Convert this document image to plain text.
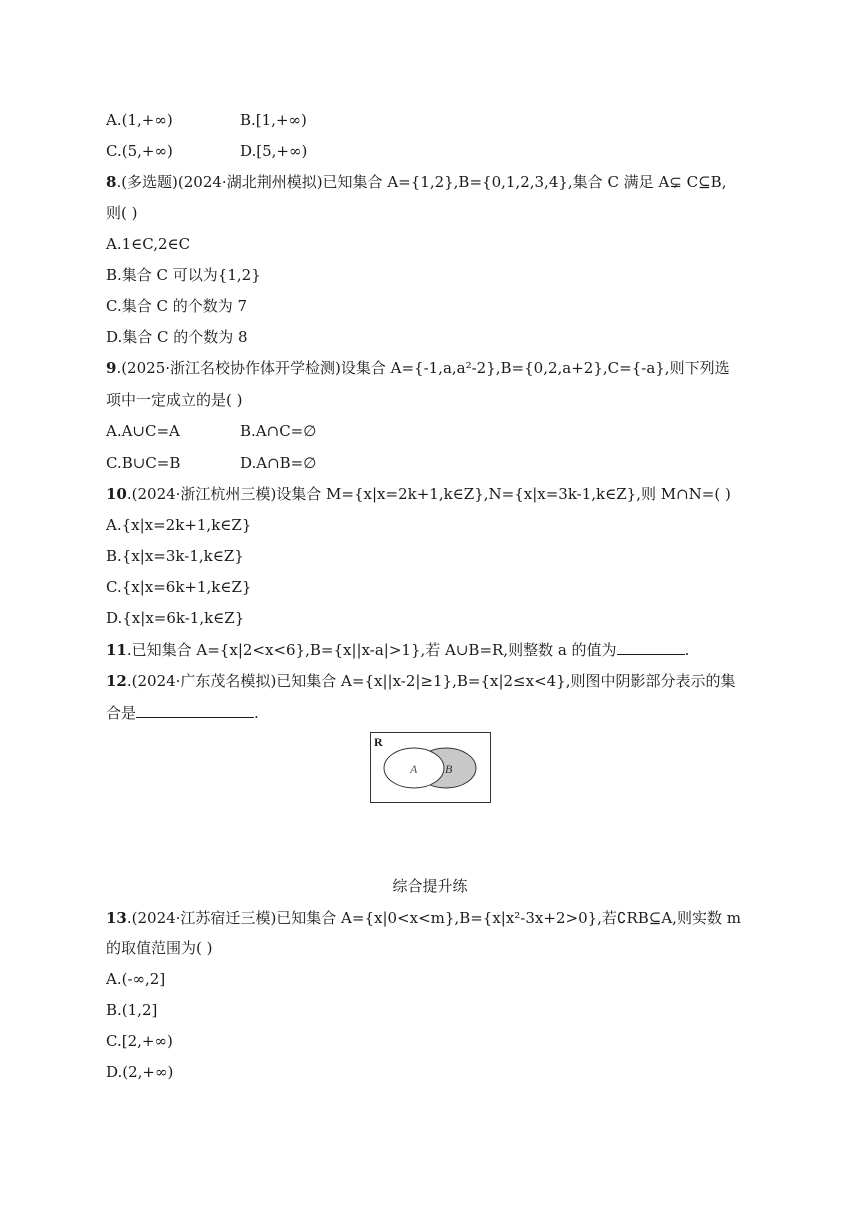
A.(1,+∞)	B.[1,+∞)
C.(5,+∞)	D.[5,+∞)
8.(多选题)(2024·湖北荆州模拟)已知集合 A={1,2},B={0,1,2,3,4},集合 C 满足 A⊊ C⊆B,
则( )
A.1∈C,2∈C
B.集合 C 可以为{1,2}
C.集合 C 的个数为 7
D.集合 C 的个数为 8
9.(2025·浙江名校协作体开学检测)设集合 A={-1,a,a²-2},B={0,2,a+2},C={-a},则下列选
项中一定成立的是( )
A.A∪C=A	B.A∩C=∅
C.B∪C=B	D.A∩B=∅
10.(2024·浙江杭州三模)设集合 M={x|x=2k+1,k∈Z},N={x|x=3k-1,k∈Z},则 M∩N=( )
A.{x|x=2k+1,k∈Z}
B.{x|x=3k-1,k∈Z}
C.{x|x=6k+1,k∈Z}
D.{x|x=6k-1,k∈Z}
11.已知集合 A={x|2<x<6},B={x||x-a|>1},若 A∪B=R,则整数 a 的值为	.
12.(2024·广东茂名模拟)已知集合 A={x||x-2|≥1},B={x|2≤x<4},则图中阴影部分表示的集
合是	.
R
A B
综合提升练
13.(2024·江苏宿迁三模)已知集合 A={x|0<x<m},B={x|x²-3x+2>0},若∁RB⊆A,则实数 m
的取值范围为( )
A.(-∞,2]
B.(1,2]
C.[2,+∞)
D.(2,+∞)
